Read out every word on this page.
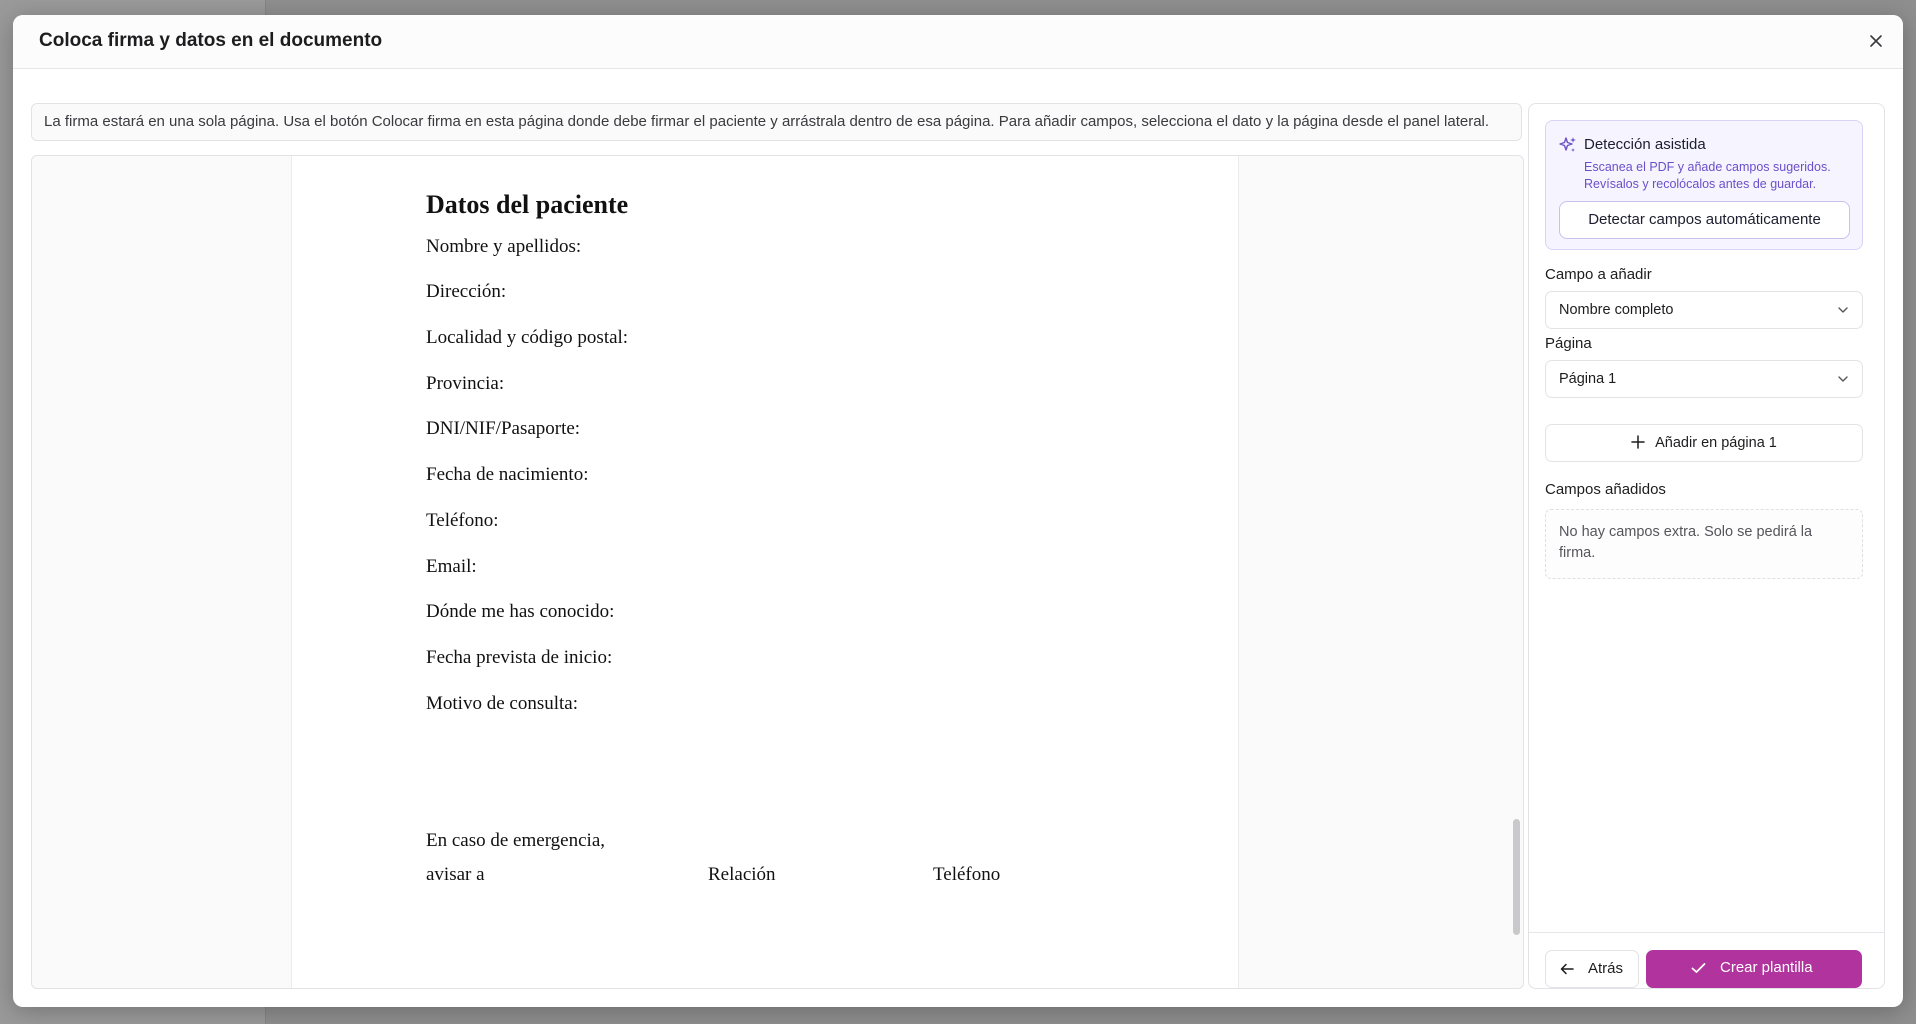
Coloca firma y datos en el documento
La firma estará en una sola página. Usa el botón Colocar firma en esta página donde debe firmar el paciente y arrástrala dentro de esa página. Para añadir campos, selecciona el dato y la página desde el panel lateral.
Datos del paciente
Nombre y apellidos:
Dirección:
Localidad y código postal:
Provincia:
DNI/NIF/Pasaporte:
Fecha de nacimiento:
Teléfono:
Email:
Dónde me has conocido:
Fecha prevista de inicio:
Motivo de consulta:
En caso de emergencia,
avisar a	Relación	Teléfono
Detección asistida
Escanea el PDF y añade campos sugeridos. Revísalos y recolócalos antes de guardar.
Detectar campos automáticamente
Campo a añadir
Nombre completo
Página
Página 1
Añadir en página 1
Campos añadidos
No hay campos extra. Solo se pedirá la firma.
Atrás	Crear plantilla
